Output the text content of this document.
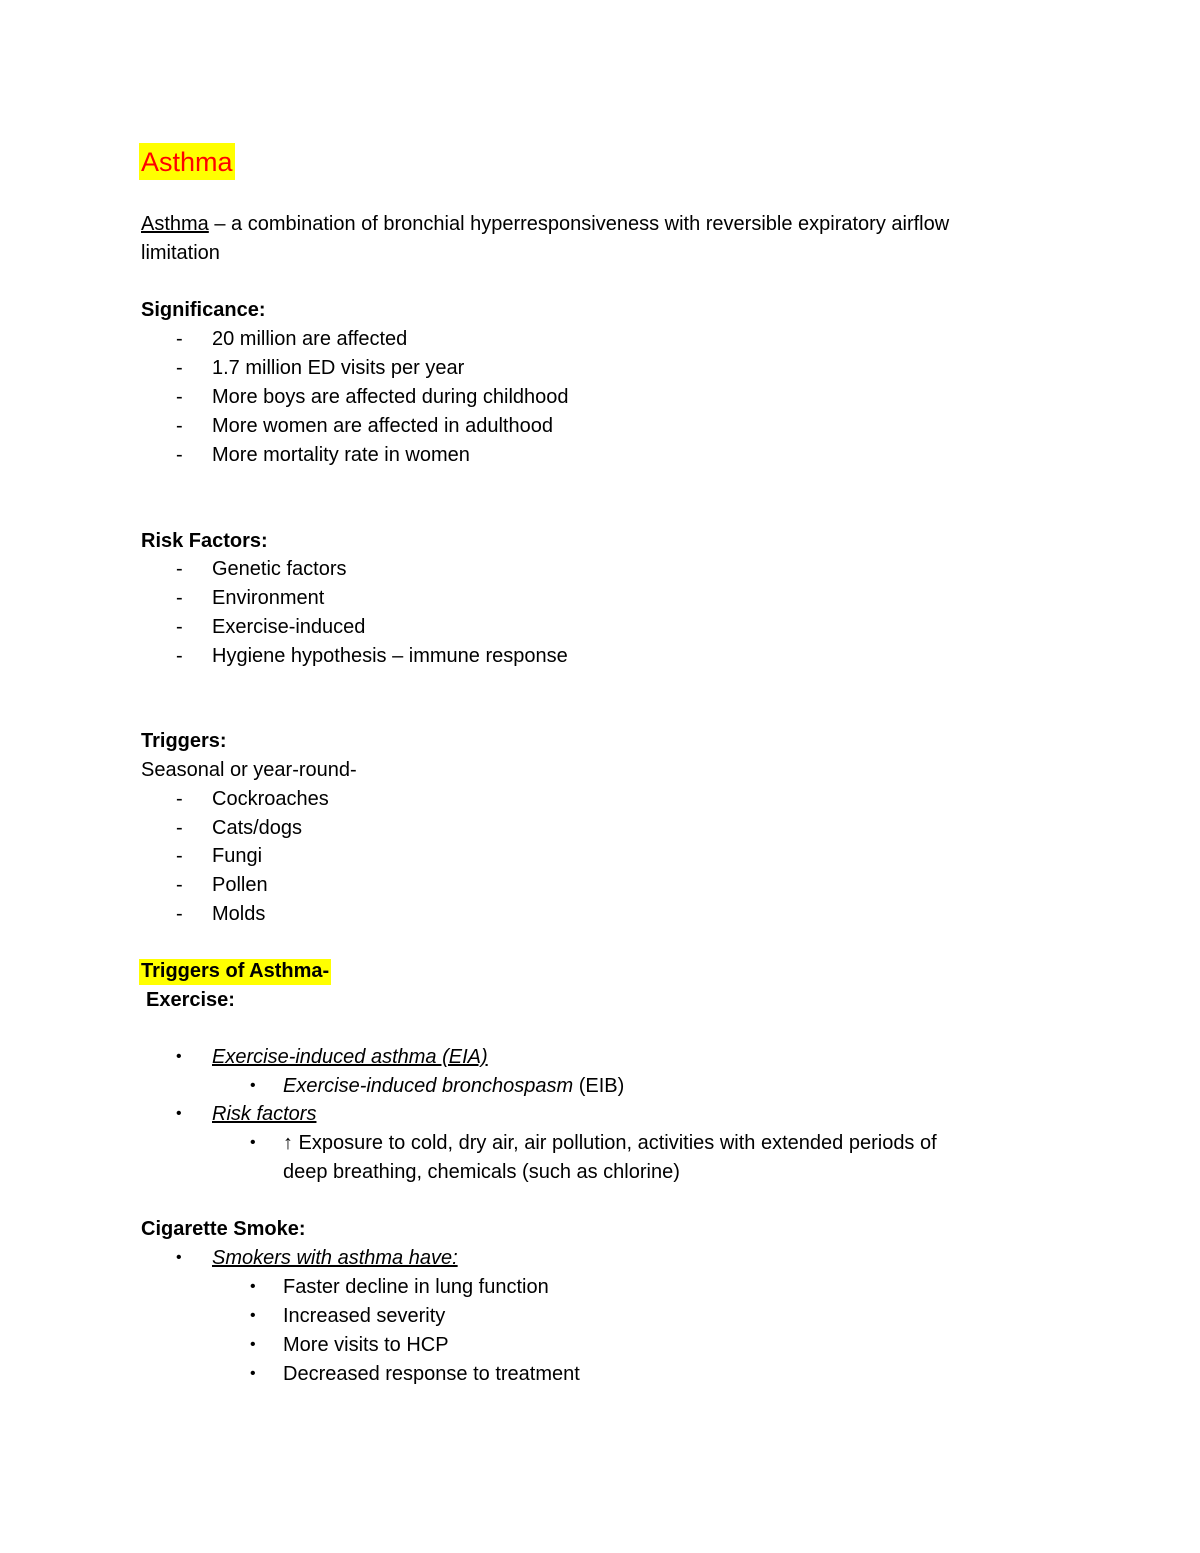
Asthma
Asthma – a combination of bronchial hyperresponsiveness with reversible expiratory airflow
limitation
Significance:
- 20 million are affected
- 1.7 million ED visits per year
- More boys are affected during childhood
- More women are affected in adulthood
- More mortality rate in women
Risk Factors:
- Genetic factors
- Environment
- Exercise-induced
- Hygiene hypothesis – immune response
Triggers:
Seasonal or year-round-
- Cockroaches
- Cats/dogs
- Fungi
- Pollen
- Molds
Triggers of Asthma-
Exercise:
• Exercise-induced asthma (EIA)
• Exercise-induced bronchospasm (EIB)
• Risk factors
• ↑ Exposure to cold, dry air, air pollution, activities with extended periods of
deep breathing, chemicals (such as chlorine)
Cigarette Smoke:
• Smokers with asthma have:
• Faster decline in lung function
• Increased severity
• More visits to HCP
• Decreased response to treatment
